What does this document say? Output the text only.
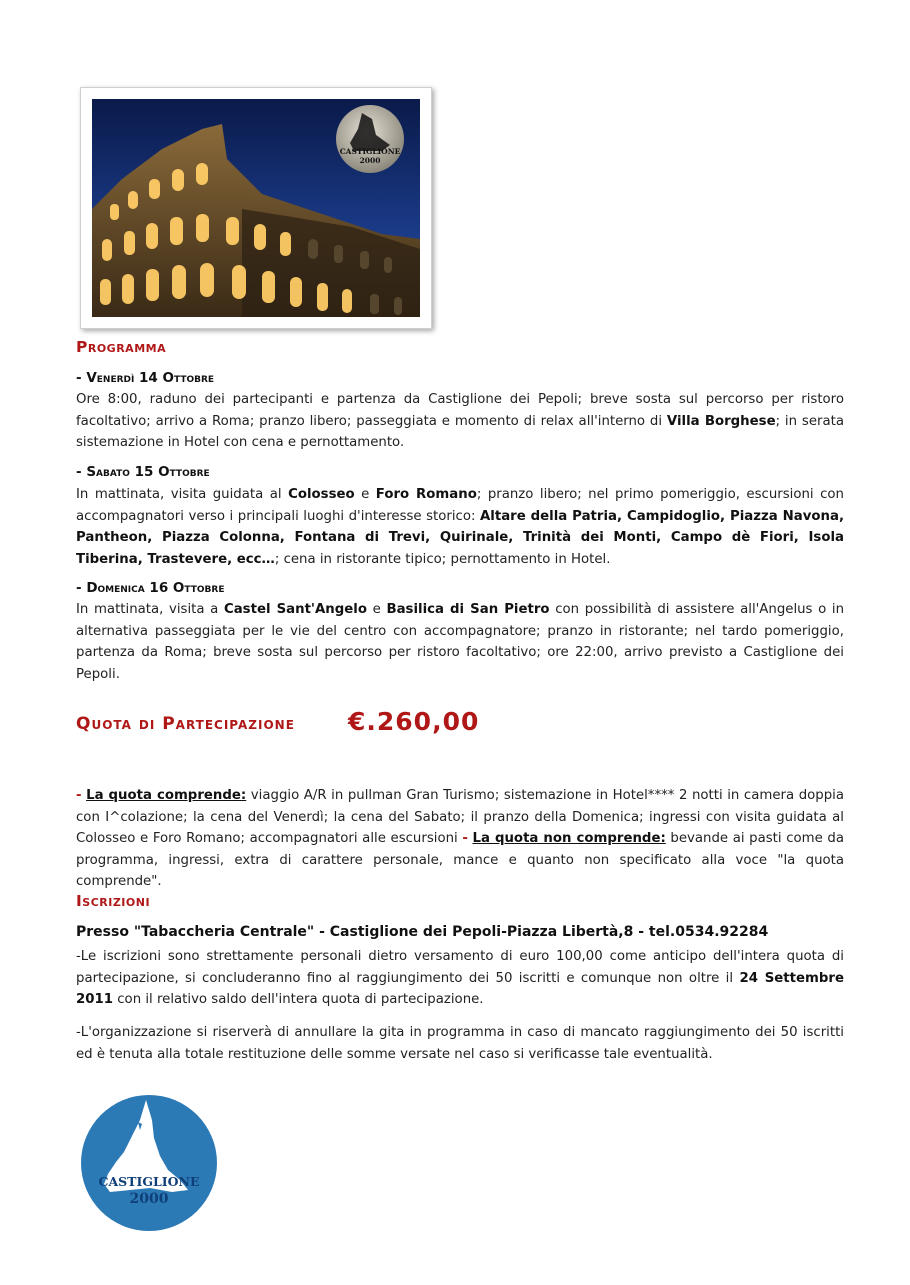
CASTIGLIONE
2000
Programma
- Venerdì 14 Ottobre
Ore 8:00, raduno dei partecipanti e partenza da Castiglione dei Pepoli; breve sosta sul percorso per ristoro facoltativo; arrivo a Roma; pranzo libero; passeggiata e momento di relax all'interno di Villa Borghese; in serata sistemazione in Hotel con cena e pernottamento.
- Sabato 15 Ottobre
In mattinata, visita guidata al Colosseo e Foro Romano; pranzo libero; nel primo pomeriggio, escursioni con accompagnatori verso i principali luoghi d'interesse storico: Altare della Patria, Campidoglio, Piazza Navona, Pantheon, Piazza Colonna, Fontana di Trevi, Quirinale, Trinità dei Monti, Campo dè Fiori, Isola Tiberina, Trastevere, ecc…; cena in ristorante tipico; pernottamento in Hotel.
- Domenica 16 Ottobre
In mattinata, visita a Castel Sant'Angelo e Basilica di San Pietro con possibilità di assistere all'Angelus o in alternativa passeggiata per le vie del centro con accompagnatore; pranzo in ristorante; nel tardo pomeriggio, partenza da Roma; breve sosta sul percorso per ristoro facoltativo; ore 22:00, arrivo previsto a Castiglione dei Pepoli.
Quota di Partecipazione €.260,00
- La quota comprende: viaggio A/R in pullman Gran Turismo; sistemazione in Hotel**** 2 notti in camera doppia con I^colazione; la cena del Venerdì; la cena del Sabato; il pranzo della Domenica; ingressi con visita guidata al Colosseo e Foro Romano; accompagnatori alle escursioni - La quota non comprende: bevande ai pasti come da programma, ingressi, extra di carattere personale, mance e quanto non specificato alla voce "la quota comprende".
Iscrizioni
Presso "Tabaccheria Centrale" - Castiglione dei Pepoli-Piazza Libertà,8 - tel.0534.92284
-Le iscrizioni sono strettamente personali dietro versamento di euro 100,00 come anticipo dell'intera quota di partecipazione, si concluderanno fino al raggiungimento dei 50 iscritti e comunque non oltre il 24 Settembre 2011 con il relativo saldo dell'intera quota di partecipazione.
-L'organizzazione si riserverà di annullare la gita in programma in caso di mancato raggiungimento dei 50 iscritti ed è tenuta alla totale restituzione delle somme versate nel caso si verificasse tale eventualità.
CASTIGLIONE
2000
